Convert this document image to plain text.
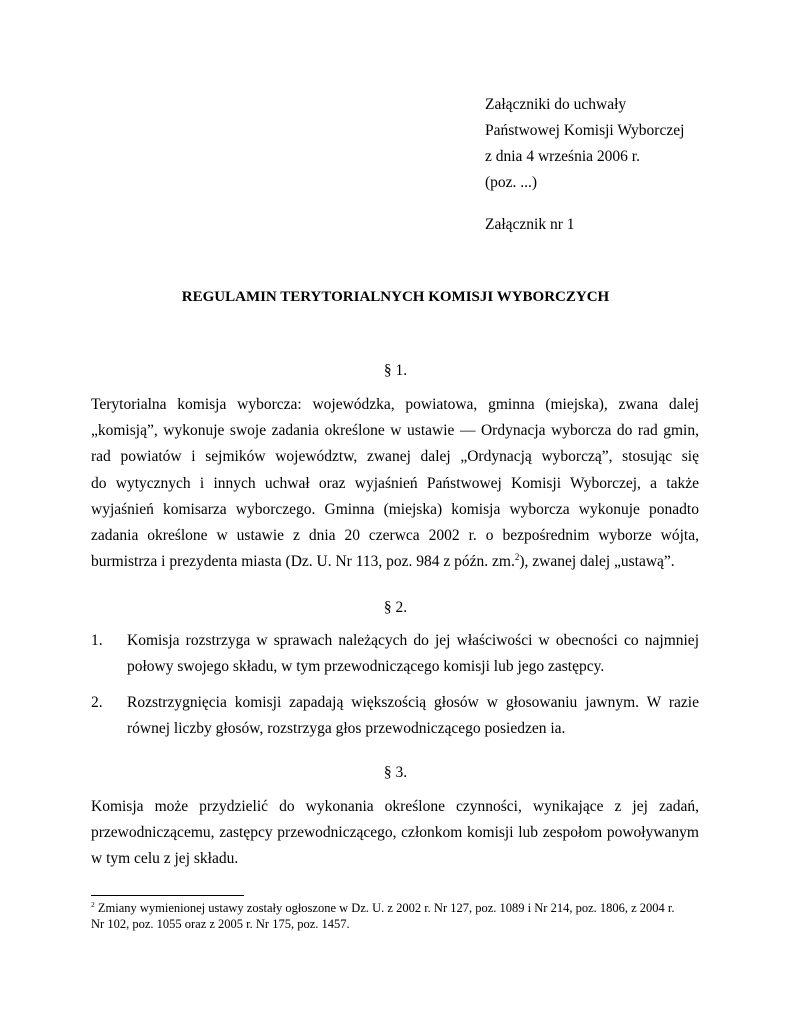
Załączniki do uchwały
Państwowej Komisji Wyborczej
z dnia 4 września 2006 r.
(poz. ...)
Załącznik nr 1
REGULAMIN TERYTORIALNYCH KOMISJI WYBORCZYCH
§ 1.
Terytorialna komisja wyborcza: wojewódzka, powiatowa, gminna (miejska), zwana dalej
„komisją”, wykonuje swoje zadania określone w ustawie — Ordynacja wyborcza do rad gmin,
rad powiatów i sejmików województw, zwanej dalej „Ordynacją wyborczą”, stosując się
do wytycznych i innych uchwał oraz wyjaśnień Państwowej Komisji Wyborczej, a także
wyjaśnień komisarza wyborczego. Gminna (miejska) komisja wyborcza wykonuje ponadto
zadania określone w ustawie z dnia 20 czerwca 2002 r. o bezpośrednim wyborze wójta,
burmistrza i prezydenta miasta (Dz. U. Nr 113, poz. 984 z późn. zm.$^2$), zwanej dalej „ustawą”.
§ 2.
1. Komisja rozstrzyga w sprawach należących do jej właściwości w obecności co najmniej
połowy swojego składu, w tym przewodniczącego komisji lub jego zastępcy.
2. Rozstrzygnięcia komisji zapadają większością głosów w głosowaniu jawnym. W razie
równej liczby głosów, rozstrzyga głos przewodniczącego posiedzen ia.
§ 3.
Komisja może przydzielić do wykonania określone czynności, wynikające z jej zadań,
przewodniczącemu, zastępcy przewodniczącego, członkom komisji lub zespołom powoływanym
w tym celu z jej składu.
$^2$ Zmiany wymienionej ustawy zostały ogłoszone w Dz. U. z 2002 r. Nr 127, poz. 1089 i Nr 214, poz. 1806, z 2004 r.
Nr 102, poz. 1055 oraz z 2005 r. Nr 175, poz. 1457.
